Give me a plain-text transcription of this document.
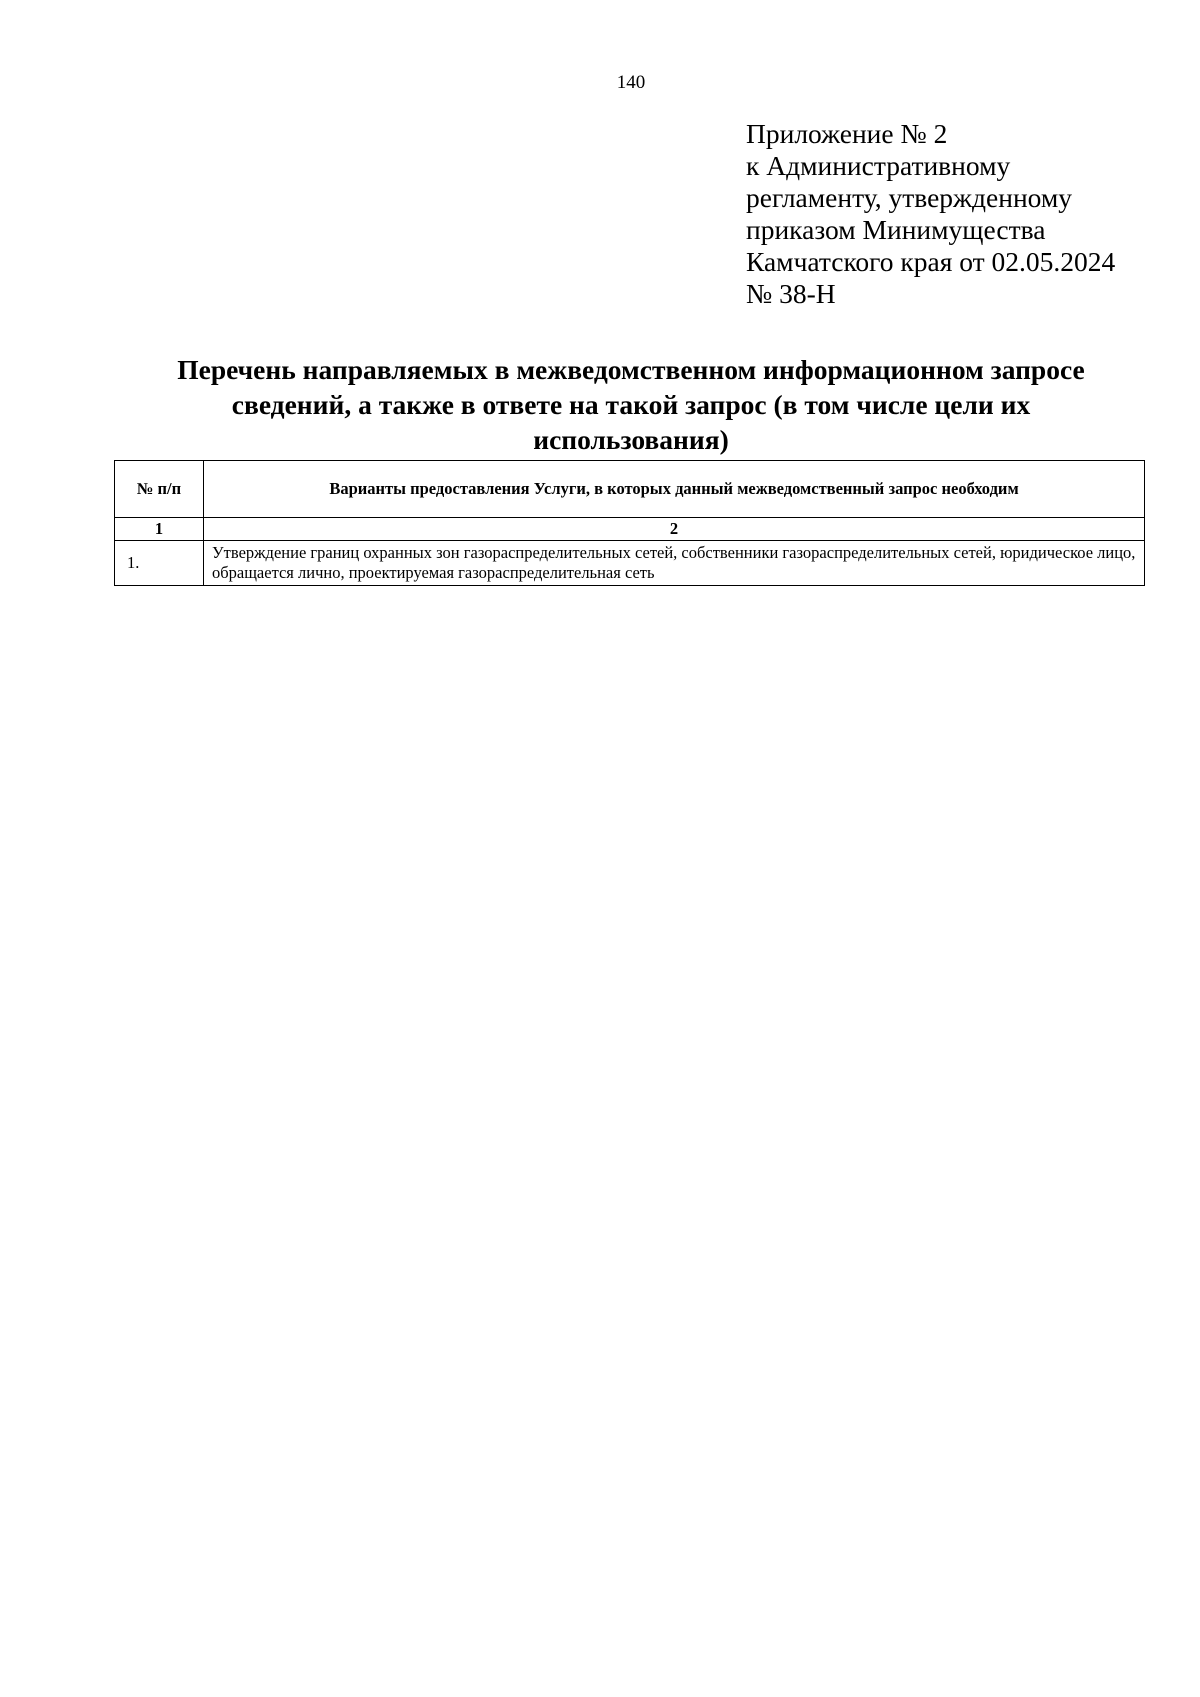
140
Приложение № 2
к Административному
регламенту, утвержденному
приказом Минимущества
Камчатского края от 02.05.2024
№ 38-Н
Перечень направляемых в межведомственном информационном запросе
сведений, а также в ответе на такой запрос (в том числе цели их
использования)
№ п/п	Варианты предоставления Услуги, в которых данный межведомственный запрос необходим
1	2
1.	Утверждение границ охранных зон газораспределительных сетей, собственники газораспределительных сетей, юридическое лицо, обращается лично, проектируемая газораспределительная сеть
